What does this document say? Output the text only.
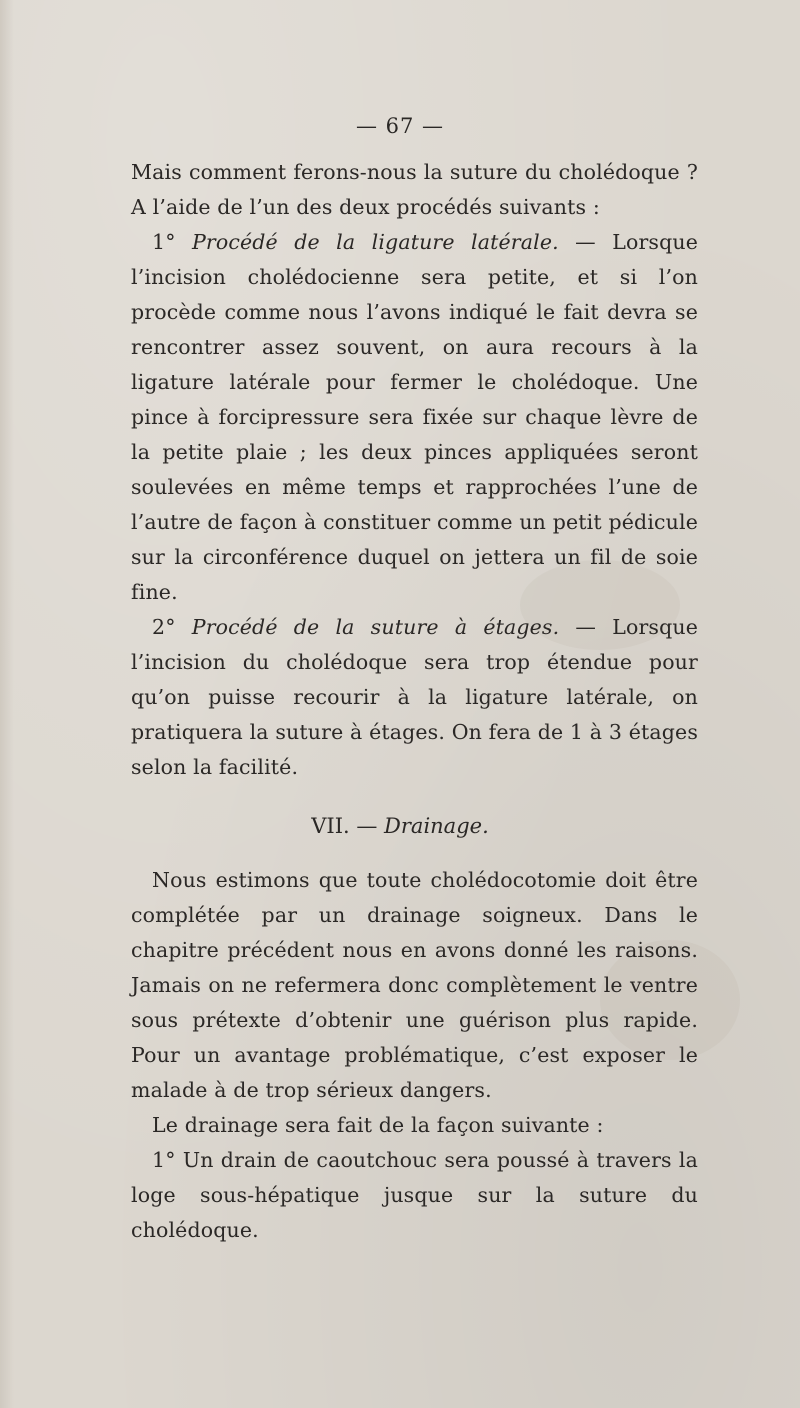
— 67 —

Mais comment ferons-nous la suture du cholédoque ? A l’aide de l’un des deux procédés suivants :

1° Procédé de la ligature latérale. — Lorsque l’incision cholédocienne sera petite, et si l’on procède comme nous l’avons indiqué le fait devra se rencontrer assez souvent, on aura recours à la ligature latérale pour fermer le cholédoque. Une pince à forcipressure sera fixée sur chaque lèvre de la petite plaie ; les deux pinces appliquées seront soulevées en même temps et rapprochées l’une de l’autre de façon à constituer comme un petit pédicule sur la circonférence duquel on jettera un fil de soie fine.

2° Procédé de la suture à étages. — Lorsque l’incision du cholédoque sera trop étendue pour qu’on puisse recourir à la ligature latérale, on pratiquera la suture à étages. On fera de 1 à 3 étages selon la facilité.

VII. — Drainage.

Nous estimons que toute cholédocotomie doit être complétée par un drainage soigneux. Dans le chapitre précédent nous en avons donné les raisons. Jamais on ne refermera donc complètement le ventre sous prétexte d’obtenir une guérison plus rapide. Pour un avantage problématique, c’est exposer le malade à de trop sérieux dangers.

Le drainage sera fait de la façon suivante :

1° Un drain de caoutchouc sera poussé à travers la loge sous-hépatique jusque sur la suture du cholédoque.
